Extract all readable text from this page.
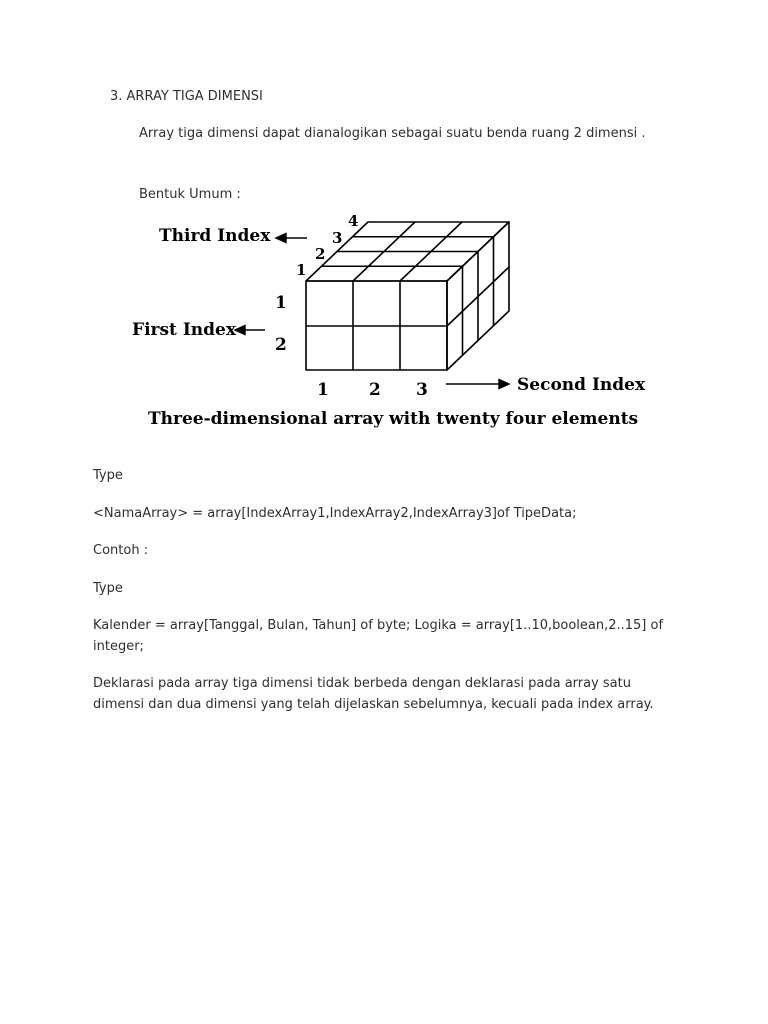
3. ARRAY TIGA DIMENSI
Array tiga dimensi dapat dianalogikan sebagai suatu benda ruang 2 dimensi .
Bentuk Umum :
Third Index
First Index
Second Index
1
2
3
4
1
2
1 2 3
Three-dimensional array with twenty four elements
Type
<NamaArray> = array[IndexArray1,IndexArray2,IndexArray3]of TipeData;
Contoh :
Type
Kalender = array[Tanggal, Bulan, Tahun] of byte; Logika = array[1..10,boolean,2..15] of integer;
Deklarasi pada array tiga dimensi tidak berbeda dengan deklarasi pada array satu dimensi dan dua dimensi yang telah dijelaskan sebelumnya, kecuali pada index array.
